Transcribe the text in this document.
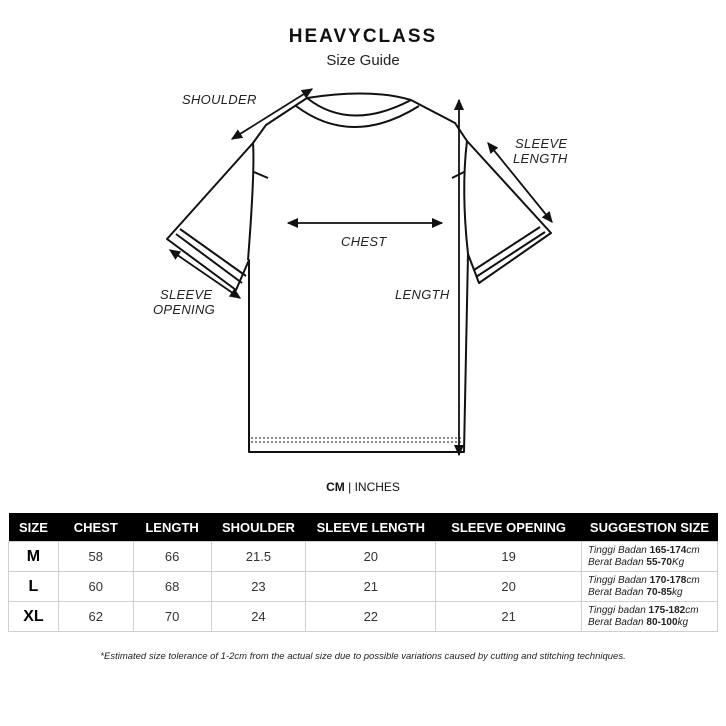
HEAVYCLASS
Size Guide
SHOULDER
SLEEVE
LENGTH
CHEST
LENGTH
SLEEVE
OPENING
CM | INCHES
SIZE	CHEST	LENGTH	SHOULDER	SLEEVE LENGTH	SLEEVE OPENING	SUGGESTION SIZE
M	58	66	21.5	20	19	Tinggi Badan 165-174cm
Berat Badan 55-70Kg

L	60	68	23	21	20	Tinggi Badan 170-178cm
Berat Badan 70-85kg

XL	62	70	24	22	21	Tinggi badan 175-182cm
Berat Badan 80-100kg
*Estimated size tolerance of 1-2cm from the actual size due to possible variations caused by cutting and stitching techniques.
